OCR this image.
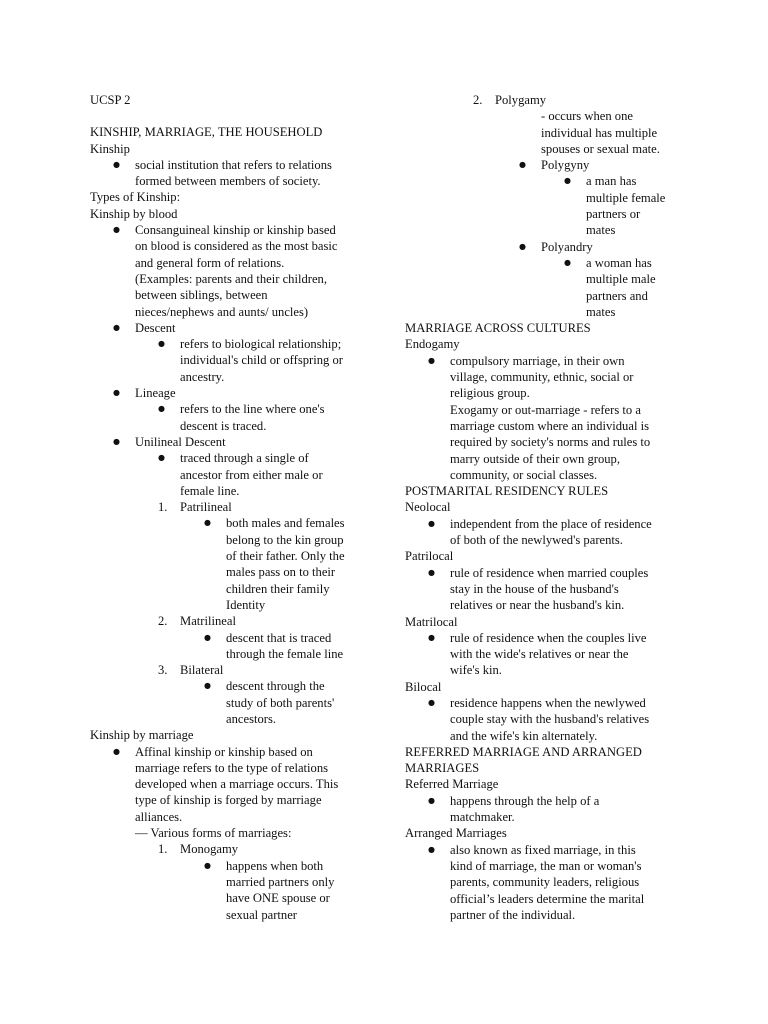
UCSP 2
KINSHIP, MARRIAGE, THE HOUSEHOLD
Kinship
● social institution that refers to relations
formed between members of society.
Types of Kinship:
Kinship by blood
● Consanguineal kinship or kinship based
on blood is considered as the most basic
and general form of relations.
(Examples: parents and their children,
between siblings, between
nieces/nephews and aunts/ uncles)
● Descent
● refers to biological relationship;
individual's child or offspring or
ancestry.
● Lineage
● refers to the line where one's
descent is traced.
● Unilineal Descent
● traced through a single of
ancestor from either male or
female line.
1. Patrilineal
● both males and females
belong to the kin group
of their father. Only the
males pass on to their
children their family
Identity
2. Matrilineal
● descent that is traced
through the female line
3. Bilateral
● descent through the
study of both parents'
ancestors.
Kinship by marriage
● Affinal kinship or kinship based on
marriage refers to the type of relations
developed when a marriage occurs. This
type of kinship is forged by marriage
alliances.
— Various forms of marriages:
1. Monogamy
● happens when both
married partners only
have ONE spouse or
sexual partner
2. Polygamy
- occurs when one
individual has multiple
spouses or sexual mate.
● Polygyny
● a man has
multiple female
partners or
mates
● Polyandry
● a woman has
multiple male
partners and
mates
MARRIAGE ACROSS CULTURES
Endogamy
● compulsory marriage, in their own
village, community, ethnic, social or
religious group.
Exogamy or out-marriage - refers to a
marriage custom where an individual is
required by society's norms and rules to
marry outside of their own group,
community, or social classes.
POSTMARITAL RESIDENCY RULES
Neolocal
● independent from the place of residence
of both of the newlywed's parents.
Patrilocal
● rule of residence when married couples
stay in the house of the husband's
relatives or near the husband's kin.
Matrilocal
● rule of residence when the couples live
with the wide's relatives or near the
wife's kin.
Bilocal
● residence happens when the newlywed
couple stay with the husband's relatives
and the wife's kin alternately.
REFERRED MARRIAGE AND ARRANGED
MARRIAGES
Referred Marriage
● happens through the help of a
matchmaker.
Arranged Marriages
● also known as fixed marriage, in this
kind of marriage, the man or woman's
parents, community leaders, religious
official’s leaders determine the marital
partner of the individual.
